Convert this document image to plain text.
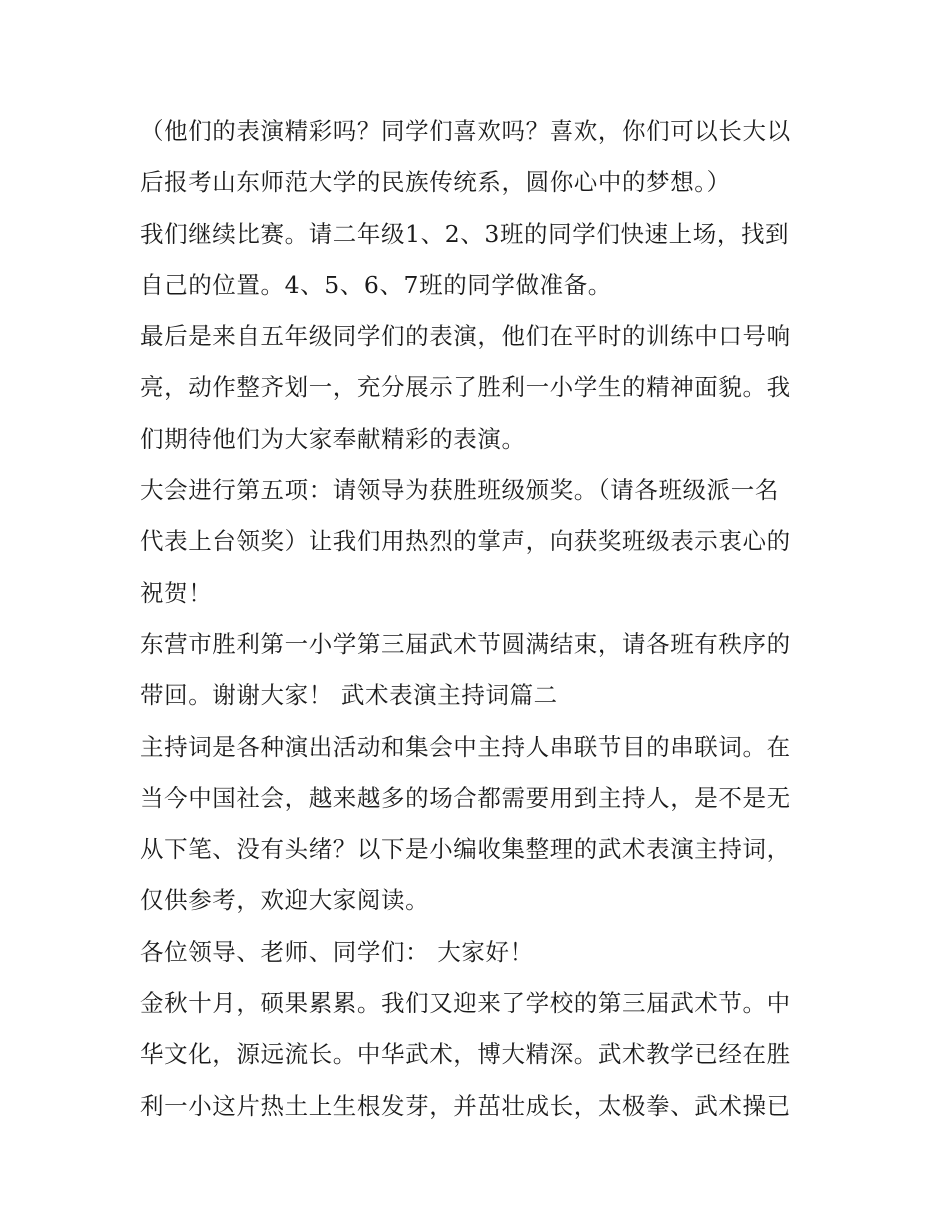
（他们的表演精彩吗？同学们喜欢吗？喜欢，你们可以长大以
后报考山东师范大学的民族传统系，圆你心中的梦想。）
我们继续比赛。请二年级1、2、3班的同学们快速上场，找到
自己的位置。4、5、6、7班的同学做准备。
最后是来自五年级同学们的表演，他们在平时的训练中口号响
亮，动作整齐划一，充分展示了胜利一小学生的精神面貌。我
们期待他们为大家奉献精彩的表演。
大会进行第五项：请领导为获胜班级颁奖。（请各班级派一名
代表上台领奖）让我们用热烈的掌声，向获奖班级表示衷心的
祝贺！
东营市胜利第一小学第三届武术节圆满结束，请各班有秩序的
带回。谢谢大家！ 武术表演主持词篇二
主持词是各种演出活动和集会中主持人串联节目的串联词。在
当今中国社会，越来越多的场合都需要用到主持人，是不是无
从下笔、没有头绪？以下是小编收集整理的武术表演主持词，
仅供参考，欢迎大家阅读。
各位领导、老师、同学们： 大家好！
金秋十月，硕果累累。我们又迎来了学校的第三届武术节。中
华文化，源远流长。中华武术，博大精深。武术教学已经在胜
利一小这片热土上生根发芽，并茁壮成长，太极拳、武术操已
